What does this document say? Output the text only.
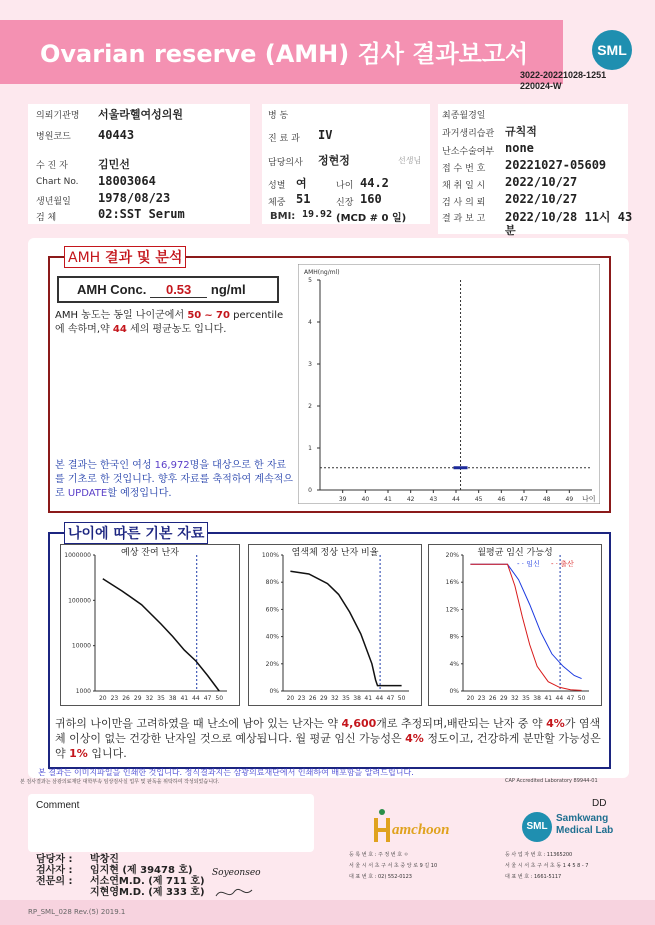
Ovarian reserve (AMH) 검사 결과보고서	SML
3022-20221028-1251
220024-W
의뢰기관명 서울라헬여성의원
병원코드 40443
수 진 자	김민선
Chart No. 18003064
생년월일 1978/08/23
검 체	02:SST Serum
병 동
진 료 과 IV
담당의사 정현정	선생님
성별 여	나이 44.2
체중 51	신장 160
BMI: 19.92 (MCD # 0 일)
최종월경일
과거생리습관 규칙적
난소수술여부 none
접 수 번 호 20221027-05609
채 취 일 시 2022/10/27
검 사 의 뢰 2022/10/27
결 과 보 고 2022/10/28 11시 43
분
AMH 결과 및 분석
AMH Conc. 0.53 ng/ml
AMH 농도는 동일 나이군에서 50 ~ 70 percentile에 속하며,약 44 세의 평균농도 입니다.
본 결과는 한국인 여성 16,972명을 대상으로 한 자료를 기초로 한 것입니다. 향후 자료를 축적하여 계속적으로 UPDATE할 예정입니다.
AMH(ng/ml)
0
1
2
3
4
5
39	40	41	42	43	44	45	46	47	48	49 나이
나이에 따른 기본 자료
예상 잔여 난자
1000
10000
100000
1000000
20 23 26 29 32 35 38 41 44 47 50
염색체 정상 난자 비율
0%
20%
40%
60%
80%
100%
20 23 26 29 32 35 38 41 44 47 50
월평균 임신 가능성
0%
4%
8%
12%
16%
20%
20 23 26 29 32 35 38 41 44 47 50
- · 임신 - · 출산
귀하의 나이만을 고려하였을 때 난소에 남아 있는 난자는 약 4,600개로 추정되며,배란되는 난자 중 약 4%가 염색체 이상이 없는 건강한 난자일 것으로 예상됩니다. 월 평균 임신 가능성은 4% 정도이고, 건강하게 분만할 가능성은 약 1% 입니다.
본 결과는 이미지파일을 인쇄한 것입니다. 정식결과지는 삼광의료재단에서 인쇄하여 배포함을 알려드립니다.
본 검사결과는 삼광의료재단 대학부속 임상검사실 업무 및 판독을 위탁하여 작성되었습니다.	CAP Accredited Laboratory 89944-01
Comment	DD
담당자 : 박창진
검사자 : 임지현 (제 39478 호)
전문의 : 서소연M.D. (제 711 호)
지현영M.D. (제 333 호)
Soyeonseo
amchoon
등 록 번 호 : 주 정 번 호 ㅇ
서 울 시 서 초 구 서 초 중 앙 로 9 길 10
대 표 번 호 : 02) 552-0123
SML
Samkwang
Medical Lab
등 사 업 자 번 호 : 11365200
서 울 시 서 초 구 서 초 동 1 4 5 8 - 7
대 표 번 호 : 1661-5117
RP_SML_028 Rev.(5) 2019.1
